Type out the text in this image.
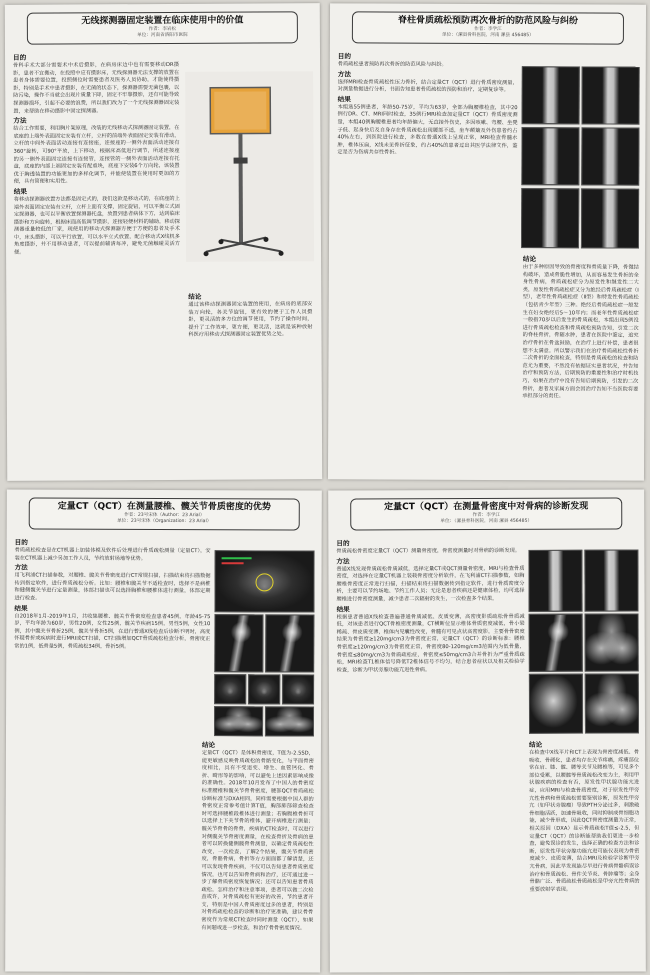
无线探测器固定装置在临床使用中的价值
作者：李岩松
单位：河南省洛阳市医院
目的

骨科手术大部分需要术中术后摄影，在病房床边中也有需要移动DR摄影，患者不宜搬动，在投照中应有摄影床，无线探测器无法支撑的放置在患者身体需要位置，投照侧位时需要患者及医务人员协助，才能使得摄影，特别是手术中患者摄影，在无菌的状态下，探测器需要无菌包裹，以防污染，操作不当就会出现片质量下降，固定不牢靠摄影，还有可能导致探测器损坏，引起不必要的浪费，所以我们改为了一个无线探测器固定装置，来帮助在移动摄影中固定探测器。

方法

结合工作需要，利用胸片架原理，改装的无线移动式探测器固定装置，在底座的上端外表面固定安装有立杆，立杆的前端外表面固定安装有滑动，立杆的中间外表面活动连接有连接座，连接座的一侧外表面活动连接有360°旋转，可90°平放，上下移动，根据床高低进行调节，所述连接座的另一侧外表面固定连接有连接管，连接管的一侧外表面活动连接有托盘，底座的内部上端固定安装有配重块，底座下安装6个万向轮，该装置优于胸透装置的功能更加的多样化调节，并能使装置在使用时更加的方便，具有简便和实用性。

结果

将移动探测器放置方法都是固定式的，我们这款是移动式的，在底座的上端外表面固定安装有立杆，立杆上面有支撑，固定旋钮，可以平衡立式固定探测器，也可以平衡放置探测器托盘，放置到患者病体下方，达到临床摄影和方向旋转，根据床面高低调节摄影，连接轻便材料的辅助，移动探测器重量较低的厂家，现使用的移动式探测器方便于方便的患者及手术中，床头摄影，可以平行放置，可以水平立式放置，配合移动式X线机多角度摄影，并不用移动患者，可以提前辅清每冲，避免无菌触碰灵活方便。

结论

通过该移动探测器固定装置的使用，在病房的底部安装万向轮，各关节旋钮，更有效的便于工作人员摄影，更灵活的多方位的调节使用，节约了操作时间，提升了工作效率，更方便，更灵活，这就是该种放射科医疗用移动式探测器固定装置优势之处。

脊柱骨质疏松预防再次骨折的防范风险与纠纷
作者：李学江
单位：（漯县骨科医院，河南 漯县 456485）
目的

骨质疏松患者预防再次骨折的防范风险与纠纷。

方法

选择MRI检查骨质疏松性压力骨折，结合定量CT（QCT）进行骨质密度测量，对测量数据进行分析，书面告知患者骨质疏松的预防和治疗，定期复诊等。

结果

本组选55例患者，年龄50-75岁，平均为63岁，全部为胸腰椎检查，其中20例行DR、CT、MRI同时检查，35例行MRI检查加定量CT（QCT）骨质密度测量，本组40例胸腰椎患者均年龄偏大，无直接外伤史，多因咳嗽、弯腰、坐凳子低、起身快后及自身存在骨质疏松出现腰部不适，坐车颠簸及外伤患者约占40%左右，到医院进行检查，多数在普通X线上呈现正常，MRI检查骨髓水肿，椎体压扁，X线未见骨折征象，约占40%的患者过出其医学法律文件，鉴定是否为伤病共存性骨折。

结论

由于多种原因导致的骨密度和骨质量下降，骨微结构破坏，造成骨脆性增加，从而容易发生骨折的全身性骨病，骨质疏松症分为原发性和继发性二大类，原发性骨质疏松症又分为绝经后骨质疏松症（Ⅰ型），老年性骨质疏松症（Ⅱ型）和特发性骨质疏松（包括青少年型）三种。绝经后骨质疏松症一般发生在妇女绝经后5～10年内；而老年性骨质疏松症一般指70岁以后发生的骨质疏松，本组出现5例没进行骨质疏松检查和骨质疏松预防告知，引发二次的脊柱骨折，骨随水肿，患者在医院中鉴定，追究治疗骨折在骨盆鼓励，在治疗上进行补偿，患者很想不太满意。所以警示我们在治疗骨质疏松性骨折二次骨折的全面检查，特别是骨质疏松的检查和防范尤为重要，不然没有依据证实患者状况，并告知治疗和预防方法，后期预防的重要性和治疗时机技巧，如果在治疗中没有告知后期预防，引发的二次骨折，患者及家属方面会因治疗告知不当医院将要承担部分的责任。

定量CT（QCT）在测量腰椎、髋关节骨质密度的优势
作者：23号宋体（Author：23 Arial）
单位：23号宋体（Organization：23 Arial）
目的

骨质疏松检查是在CT机器上加装体模及软件后处理进行骨质疏松测量（定量CT），安装在CT机器上减少另加工作人员，节约放射场地等优势。

方法

用飞利浦CT扫描参数，对腰椎、髋关节骨密度进行CT常规扫描，扫描结束将扫描数据传到指定软件，进行骨质疏松分析。比如：腰椎和髋关节不适检查时，选择不是病椎和健侧髋关节进行定量测量，体部扫描也可以选择胸椎和腰椎体进行测量，体部定期进行检查。

结果

自2018年1月-2019年1月，共收集腰椎、髋关节骨密度检查患者45例，年龄45-75岁，平均年龄为60岁，男性20例，女性25例，髋关节疾病15例，男性5例，女性10例，其中髋关节骨折25例，髋关节骨折5例，在进行普通X线检查后诊断不明时，高度怀疑骨折或疾病时进行MRI或CT扫描，CT扫描增加QCT骨质疏松检查分析，骨密度正常的1例，低骨量5例，骨质疏松34例，骨折5例。

结论

定量CT（QCT）是体积骨密度，T值为-2.5SD，能更敏感反映骨质疏松的骨骼变化，与平面骨密度相比，具有不受退变、增生、血管钙化、骨折、畸形等的影响，可以避免上述因素影响成像的准确性。2018年10月发布了中国人的骨密度标准腰椎和髋关节骨骨密度，腰部QCT骨质疏松诊断标准与DXA相同，同样需要根据中国人群的骨密度正常参考值计算T值，胸部肺部筛查检查时可选择腰椎段椎体进行测量；若胸腹椎骨折可以选择上下关节骨的椎体，避开病椎进行测量；髋关节骨骨的骨骨，疾病的CT检查时，可以进行对侧髋关节骨密度测量，在检查骨折及骨病的患者可以转换健侧髋骨骨测量，以确定骨质疏松性改变，一次检查，了解2个结果，髋关节骨质密度，骨骼骨病，骨折等方方面面都了解清楚，还可以发现骨骨疾病，不仅可以告知患者骨质密度情况，也可以告知骨骨病和治疗，还可通过进一步了解骨质密度恢复情况；还可以告知患者骨质疏松，怎样治疗和注意事项，患者可以做二次检查或许，对骨质疏松有更好的改善，节约患者开支，特别是中国人骨质密度过多的患者，特别是对骨质疏松检查的诊断和治疗更准确，建议骨骨密度作为常规CT检查时同时测量（QCT），如果有问题或进一步检查，和治疗骨骨密度情况。

定量CT（QCT）在测量骨密度中对骨病的诊断发现
作者：李学江
单位：（漯县骨科医院，河南 漯县 456485）
目的

骨质疏松骨密度定量CT（QCT）测量骨密度，骨密度测量时对骨病的诊断发现。

方法

普通X线发现骨质疏松骨质减低，选择定量CT或QCT测量骨密度，MRI与检查骨质密度，对选择在定量CT机器上装载骨密度分析软件，在飞利浦CT扫描参数，如胸腰椎骨密度正常进行扫描，扫描结束将扫描数据传到指定软件，进行骨质密度分析，主要可以节约场地、节约工作人员；无论是患者疾病还是健康体检，均可选择腰椎进行骨密度测量，减少患者二次辐射的发生，一次检查多个结果。

结果

根据患者普通X线检查普遍普通骨质减低、皮质变薄，高密度影质疏松骨骨质减低，对该患者进行QCT骨椎密度测量，CT横断位显示椎体骨质密度减低，骨小梁稀疏、骨皮质变薄，椎体内见囊性改变，骨髓有可见点状高密度影，主要骨骨密度结果为骨密度≥120mg/cm3为骨密度正常，定量CT（QCT）的诊断标准：腰椎骨密度≥120mg/cm3为骨密度正常，骨密度80-120mg/cm3范围内为低骨量，骨密度≤80mg/cm3为骨质疏松症，骨密度≤50mg/cm3合并骨折为严重骨质疏松，MRI检查T1椎体信号降低T2椎体信号不均匀，结合患者症状以及相关检验学检查，诊断为甲状旁腺功能亢进性骨病。

结论

在检查中X线平片和CT上表现为骨密度减低、骨吸收、骨硬化，患者均存在关节疼痛，疼痛部位常在肩、膝、髋、腰等关节及腰椎等，可见多个部位受累，以腰髋等骨质疏松改变为主，利用甲状腺疾病的检查有否，原发性甲状腺功能亢进症，应用MRI与检查骨质密度，对于原发性甲旁亢性骨病和骨质疏松需要鉴别诊断，原发性甲旁亢（如甲状旁腺瘤）导致PTH分泌过多，刺激破骨细胞活跃，加速骨吸收，同时抑制成骨细胞功能，减少骨形成，因此QCT骨密度测量为正常，相关原因（DXA）显示骨质疏松T值≤-2.5，但定量CT（QCT）的诊断能帮助我们更进一步检查，避免误诊的发生，选择正确的检查方法和诊断，原发性甲状旁腺功能亢进可能仅表现为骨密度减少、皮质变薄，结合MRI及检验学诊断甲旁亢骨病，因此早发现能尽早进行骨病骨骼病误诊治疗和骨质疏松、骨件关节炎、骨肿瘤等；全身骨骼广泛、骨质疏松骨质疏松是甲旁亢性骨病的重要放射学表现。
